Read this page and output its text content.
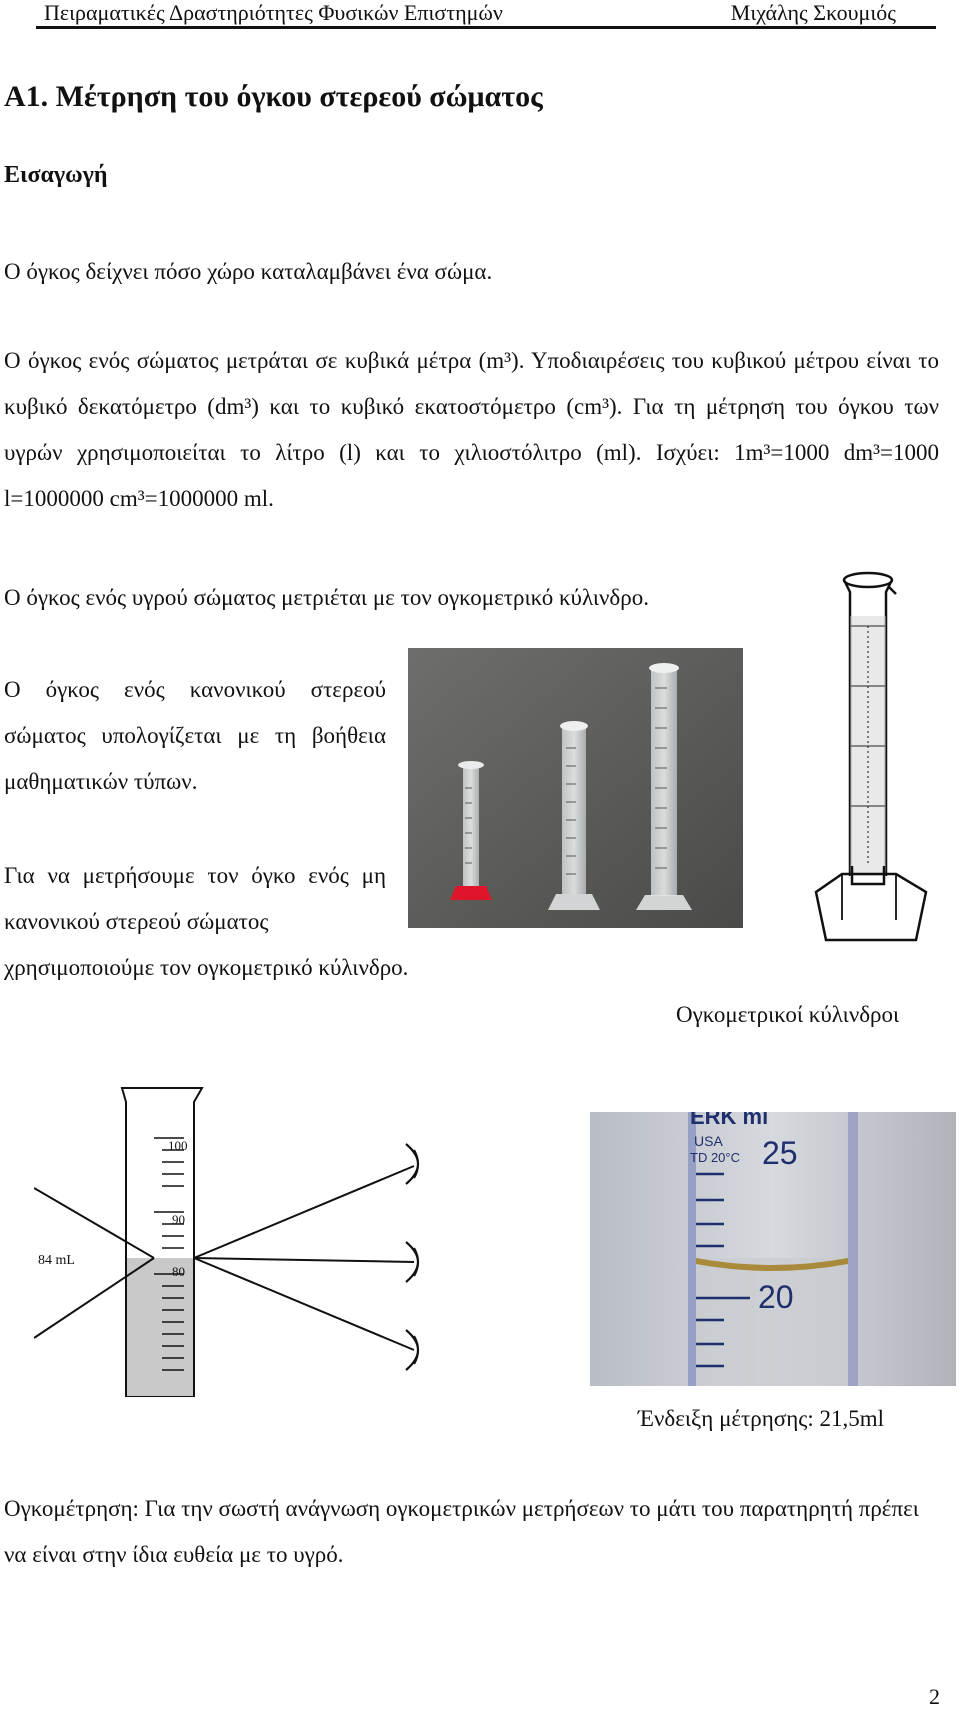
Πειραματικές Δραστηριότητες Φυσικών Επιστημών	Μιχάλης Σκουμιός
Α1. Μέτρηση του όγκου στερεού σώματος
Εισαγωγή

Ο όγκος δείχνει πόσο χώρο καταλαμβάνει ένα σώμα.

Ο όγκος ενός σώματος μετράται σε κυβικά μέτρα (m³). Υποδιαιρέσεις του κυβικού μέτρου είναι το κυβικό δεκατόμετρο (dm³) και το κυβικό εκατοστόμετρο (cm³). Για τη μέτρηση του όγκου των υγρών χρησιμοποιείται το λίτρο (l) και το χιλιοστόλιτρο (ml). Ισχύει: 1m³=1000 dm³=1000 l=1000000 cm³=1000000 ml.

Ο όγκος ενός υγρού σώματος μετριέται με τον ογκομετρικό κύλινδρο.

Ο όγκος ενός κανονικού στερεού σώματος υπολογίζεται με τη βοήθεια μαθηματικών τύπων.

Για να μετρήσουμε τον όγκο ενός μη κανονικού στερεού σώματος

χρησιμοποιούμε τον ογκομετρικό κύλινδρο.

Ογκομετρικοί κύλινδροι

100
90
80
84 mL
ERK ml
USA
TD 20°C 25
20

Ένδειξη μέτρησης: 21,5ml

Ογκομέτρηση: Για την σωστή ανάγνωση ογκομετρικών μετρήσεων το μάτι του παρατηρητή πρέπει να είναι στην ίδια ευθεία με το υγρό.

2
